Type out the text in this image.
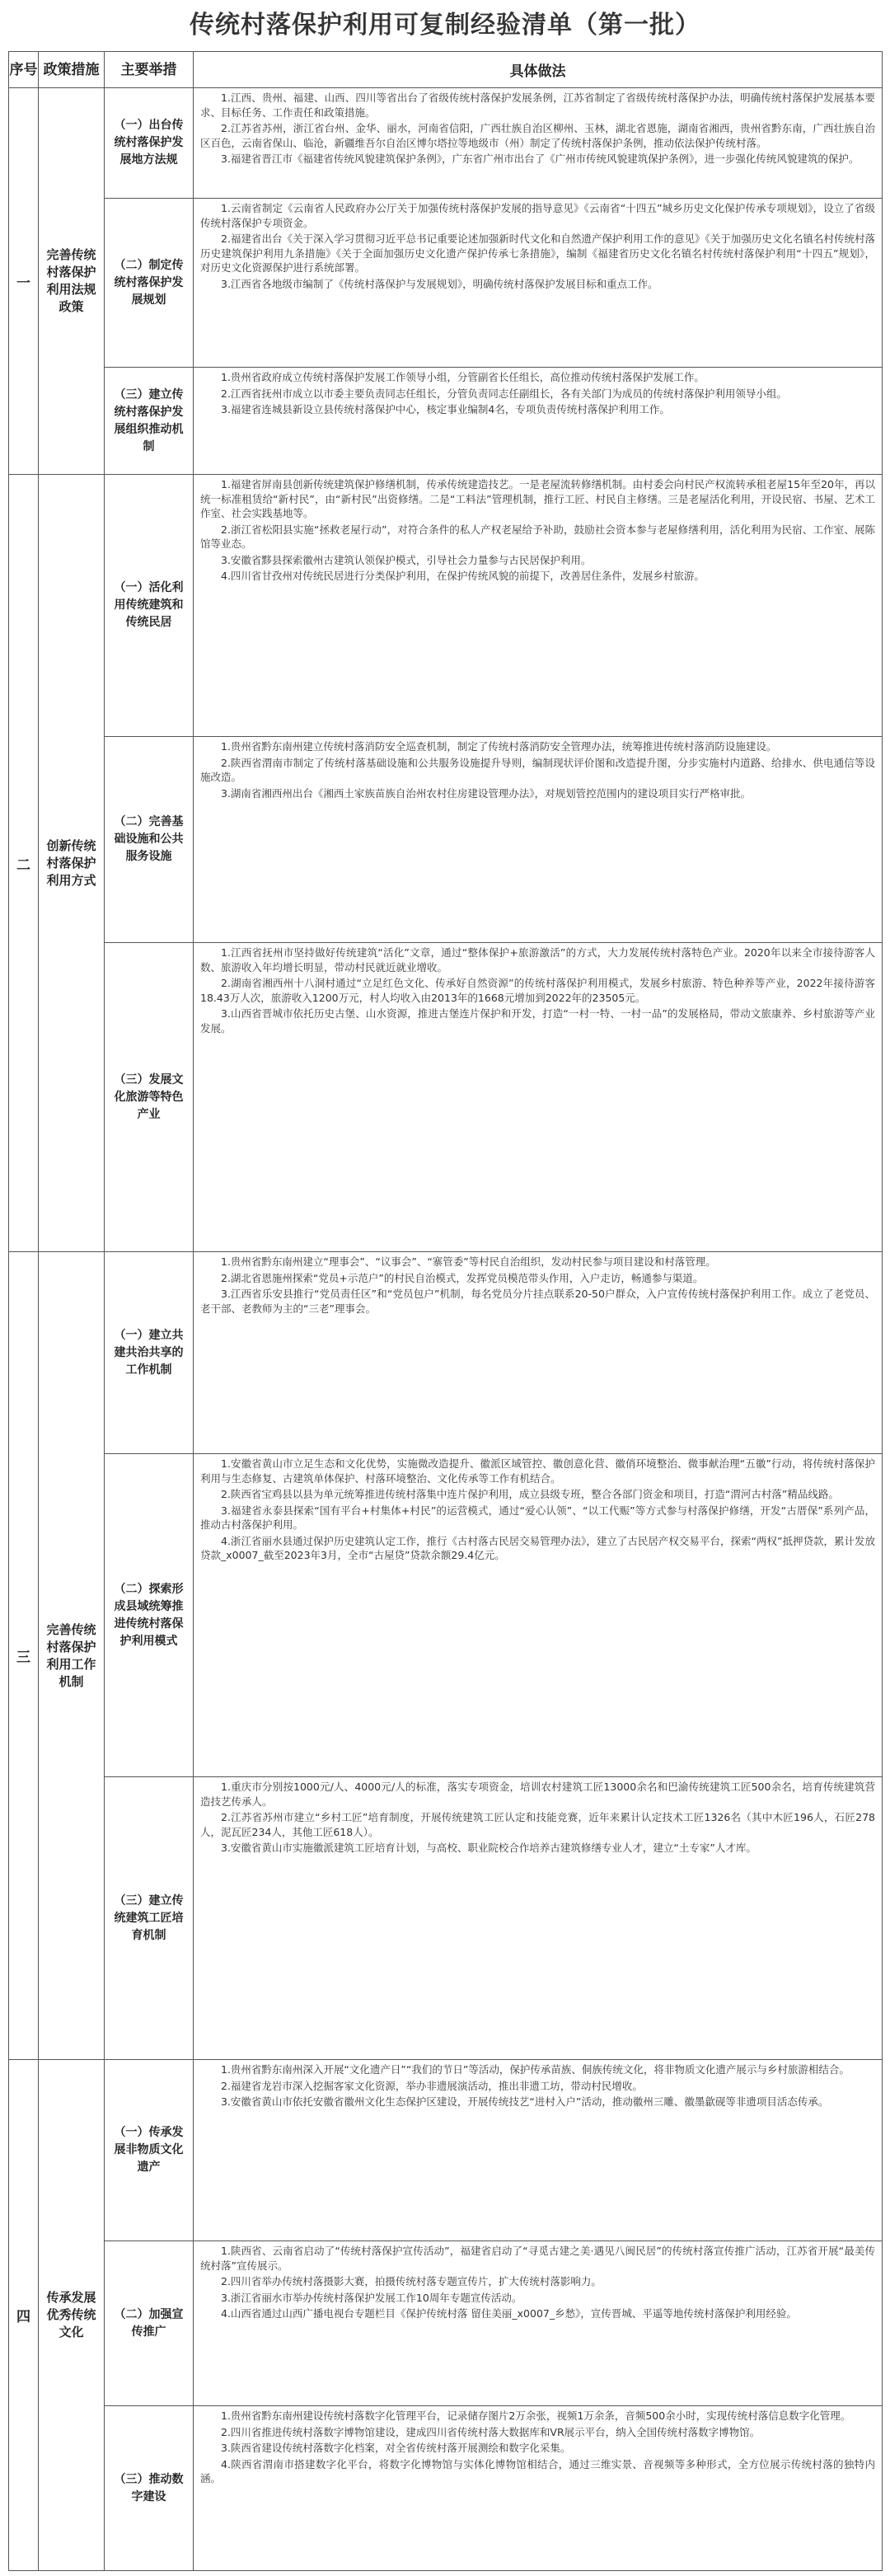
传统村落保护利用可复制经验清单（第一批）
序号	政策措施	主要举措	具体做法
一	完善传统村落保护利用法规政策	（一）出台传统村落保护发展地方法规	1.江西、贵州、福建、山西、四川等省出台了省级传统村落保护发展条例，江苏省制定了省级传统村落保护办法，明确传统村落保护发展基本要求、目标任务、工作责任和政策措施。

2.江苏省苏州，浙江省台州、金华、丽水，河南省信阳，广西壮族自治区柳州、玉林，湖北省恩施，湖南省湘西，贵州省黔东南，广西壮族自治区百色，云南省保山、临沧，新疆维吾尔自治区博尔塔拉等地级市（州）制定了传统村落保护条例，推动依法保护传统村落。

3.福建省晋江市《福建省传统风貌建筑保护条例》，广东省广州市出台了《广州市传统风貌建筑保护条例》，进一步强化传统风貌建筑的保护。

		（二）制定传统村落保护发展规划	1.云南省制定《云南省人民政府办公厅关于加强传统村落保护发展的指导意见》《云南省“十四五”城乡历史文化保护传承专项规划》，设立了省级传统村落保护专项资金。

2.福建省出台《关于深入学习贯彻习近平总书记重要论述加强新时代文化和自然遗产保护利用工作的意见》《关于加强历史文化名镇名村传统村落历史建筑保护利用九条措施》《关于全面加强历史文化遗产保护传承七条措施》，编制《福建省历史文化名镇名村传统村落保护利用“十四五”规划》，对历史文化资源保护进行系统部署。

3.江西省各地级市编制了《传统村落保护与发展规划》，明确传统村落保护发展目标和重点工作。

		（三）建立传统村落保护发展组织推动机制	1.贵州省政府成立传统村落保护发展工作领导小组，分管副省长任组长，高位推动传统村落保护发展工作。

2.江西省抚州市成立以市委主要负责同志任组长，分管负责同志任副组长，各有关部门为成员的传统村落保护利用领导小组。

3.福建省连城县新设立县传统村落保护中心，核定事业编制4名，专项负责传统村落保护利用工作。

二	创新传统村落保护利用方式	（一）活化利用传统建筑和传统民居	1.福建省屏南县创新传统建筑保护修缮机制，传承传统建造技艺。一是老屋流转修缮机制。由村委会向村民产权流转承租老屋15年至20年，再以统一标准租赁给“新村民”，由“新村民”出资修缮。二是“工料法”管理机制，推行工匠、村民自主修缮。三是老屋活化利用，开设民宿、书屋、艺术工作室、社会实践基地等。

2.浙江省松阳县实施“拯救老屋行动”，对符合条件的私人产权老屋给予补助，鼓励社会资本参与老屋修缮利用，活化利用为民宿、工作室、展陈馆等业态。

3.安徽省黟县探索徽州古建筑认领保护模式，引导社会力量参与古民居保护利用。

4.四川省甘孜州对传统民居进行分类保护利用，在保护传统风貌的前提下，改善居住条件，发展乡村旅游。

		（二）完善基础设施和公共服务设施	1.贵州省黔东南州建立传统村落消防安全巡查机制，制定了传统村落消防安全管理办法，统筹推进传统村落消防设施建设。

2.陕西省渭南市制定了传统村落基础设施和公共服务设施提升导则，编制现状评价图和改造提升图，分步实施村内道路、给排水、供电通信等设施改造。

3.湖南省湘西州出台《湘西土家族苗族自治州农村住房建设管理办法》，对规划管控范围内的建设项目实行严格审批。

		（三）发展文化旅游等特色产业	1.江西省抚州市坚持做好传统建筑“活化”文章，通过“整体保护+旅游激活”的方式，大力发展传统村落特色产业。2020年以来全市接待游客人数、旅游收入年均增长明显，带动村民就近就业增收。

2.湖南省湘西州十八洞村通过“立足红色文化、传承好自然资源”的传统村落保护利用模式，发展乡村旅游、特色种养等产业，2022年接待游客18.43万人次，旅游收入1200万元，村人均收入由2013年的1668元增加到2022年的23505元。

3.山西省晋城市依托历史古堡、山水资源，推进古堡连片保护和开发，打造“一村一特、一村一品”的发展格局，带动文旅康养、乡村旅游等产业发展。

三	完善传统村落保护利用工作机制	（一）建立共建共治共享的工作机制	1.贵州省黔东南州建立“理事会”、“议事会”、“寨管委”等村民自治组织，发动村民参与项目建设和村落管理。

2.湖北省恩施州探索“党员+示范户”的村民自治模式，发挥党员模范带头作用，入户走访，畅通参与渠道。

3.江西省乐安县推行“党员责任区”和“党员包户”机制，每名党员分片挂点联系20-50户群众，入户宣传传统村落保护利用工作。成立了老党员、老干部、老教师为主的“三老”理事会。

		（二）探索形成县域统筹推进传统村落保护利用模式	1.安徽省黄山市立足生态和文化优势，实施微改造提升、徽派区域管控、徽创意化营、徽俏环境整治、微事献治理“五徽”行动，将传统村落保护利用与生态修复、古建筑单体保护、村落环境整治、文化传承等工作有机结合。

2.陕西省宝鸡县以县为单元统筹推进传统村落集中连片保护利用，成立县级专班，整合各部门资金和项目，打造“渭河古村落”精品线路。

3.福建省永泰县探索“国有平台+村集体+村民”的运营模式，通过“爱心认领”、“以工代赈”等方式参与村落保护修缮，开发“古厝保”系列产品，推动古村落保护利用。

4.浙江省丽水县通过保护历史建筑认定工作，推行《古村落古民居交易管理办法》，建立了古民居产权交易平台，探索“两权”抵押贷款，累计发放贷款_x0007_截至2023年3月，全市“古屋贷”贷款余额29.4亿元。

		（三）建立传统建筑工匠培育机制	1.重庆市分别按1000元/人、4000元/人的标准，落实专项资金，培训农村建筑工匠13000余名和巴渝传统建筑工匠500余名，培育传统建筑营造技艺传承人。

2.江苏省苏州市建立“乡村工匠”培育制度，开展传统建筑工匠认定和技能竞赛，近年来累计认定技术工匠1326名（其中木匠196人，石匠278人，泥瓦匠234人，其他工匠618人）。

3.安徽省黄山市实施徽派建筑工匠培育计划，与高校、职业院校合作培养古建筑修缮专业人才，建立“土专家”人才库。

四	传承发展优秀传统文化	（一）传承发展非物质文化遗产	1.贵州省黔东南州深入开展“文化遗产日”“我们的节日”等活动，保护传承苗族、侗族传统文化，将非物质文化遗产展示与乡村旅游相结合。

2.福建省龙岩市深入挖掘客家文化资源，举办非遗展演活动，推出非遗工坊，带动村民增收。

3.安徽省黄山市依托安徽省徽州文化生态保护区建设，开展传统技艺“进村入户”活动，推动徽州三雕、徽墨歙砚等非遗项目活态传承。

		（二）加强宣传推广	1.陕西省、云南省启动了“传统村落保护宣传活动”，福建省启动了“寻觅古建之美·遇见八闽民居”的传统村落宣传推广活动，江苏省开展“最美传统村落”宣传展示。

2.四川省举办传统村落摄影大赛，拍摄传统村落专题宣传片，扩大传统村落影响力。

3.浙江省丽水市举办传统村落保护发展工作10周年专题宣传活动。

4.山西省通过山西广播电视台专题栏目《保护传统村落 留住美丽_x0007_乡愁》，宣传晋城、平遥等地传统村落保护利用经验。

		（三）推动数字建设	1.贵州省黔东南州建设传统村落数字化管理平台，记录储存图片2万余张，视频1万余条，音频500余小时，实现传统村落信息数字化管理。

2.四川省推进传统村落数字博物馆建设，建成四川省传统村落大数据库和VR展示平台，纳入全国传统村落数字博物馆。

3.陕西省建设传统村落数字化档案，对全省传统村落开展测绘和数字化采集。

4.陕西省渭南市搭建数字化平台，将数字化博物馆与实体化博物馆相结合，通过三维实景、音视频等多种形式，全方位展示传统村落的独特内涵。
